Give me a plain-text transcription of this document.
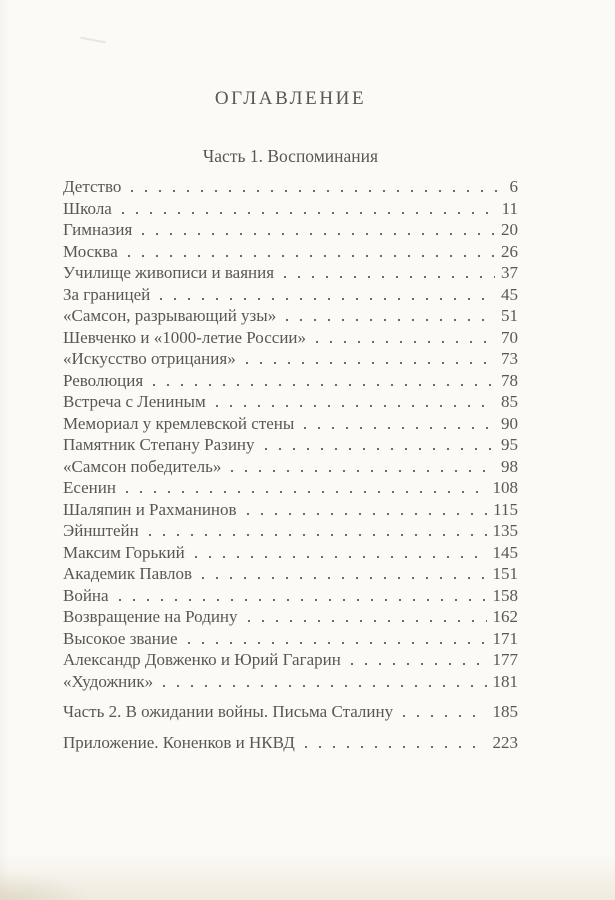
ОГЛАВЛЕНИЕ
Часть 1. Воспоминания
Детство	6
Школа	11
Гимназия	20
Москва	26
Училище живописи и ваяния	37
За границей	45
«Самсон, разрывающий узы»	51
Шевченко и «1000-летие России»	70
«Искусство отрицания»	73
Революция	78
Встреча с Лениным	85
Мемориал у кремлевской стены	90
Памятник Степану Разину	95
«Самсон победитель»	98
Есенин	108
Шаляпин и Рахманинов	115
Эйнштейн	135
Максим Горький	145
Академик Павлов	151
Война	158
Возвращение на Родину	162
Высокое звание	171
Александр Довженко и Юрий Гагарин	177
«Художник»	181
Часть 2. В ожидании войны. Письма Сталину	185
Приложение. Коненков и НКВД	223
